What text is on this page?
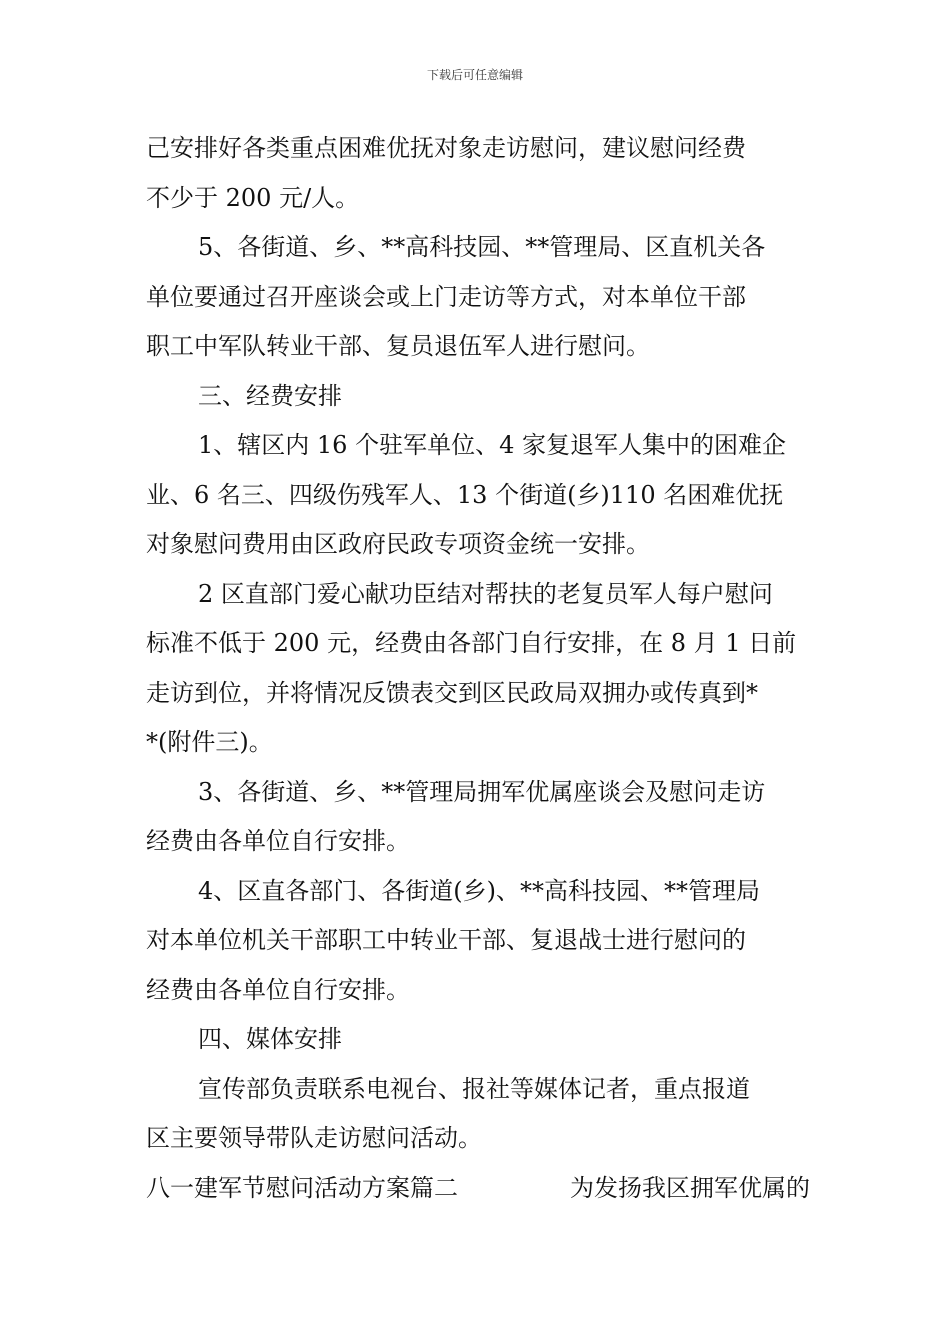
下载后可任意编辑
己安排好各类重点困难优抚对象走访慰问，建议慰问经费
不少于 200 元/人。
5、各街道、乡、**高科技园、**管理局、区直机关各
单位要通过召开座谈会或上门走访等方式，对本单位干部
职工中军队转业干部、复员退伍军人进行慰问。
三、经费安排
1、辖区内 16 个驻军单位、4 家复退军人集中的困难企
业、6 名三、四级伤残军人、13 个街道(乡)110 名困难优抚
对象慰问费用由区政府民政专项资金统一安排。
2 区直部门爱心献功臣结对帮扶的老复员军人每户慰问
标准不低于 200 元，经费由各部门自行安排，在 8 月 1 日前
走访到位，并将情况反馈表交到区民政局双拥办或传真到*
*(附件三)。
3、各街道、乡、**管理局拥军优属座谈会及慰问走访
经费由各单位自行安排。
4、区直各部门、各街道(乡)、**高科技园、**管理局
对本单位机关干部职工中转业干部、复退战士进行慰问的
经费由各单位自行安排。
四、媒体安排
宣传部负责联系电视台、报社等媒体记者，重点报道
区主要领导带队走访慰问活动。
八一建军节慰问活动方案篇二	为发扬我区拥军优属的
